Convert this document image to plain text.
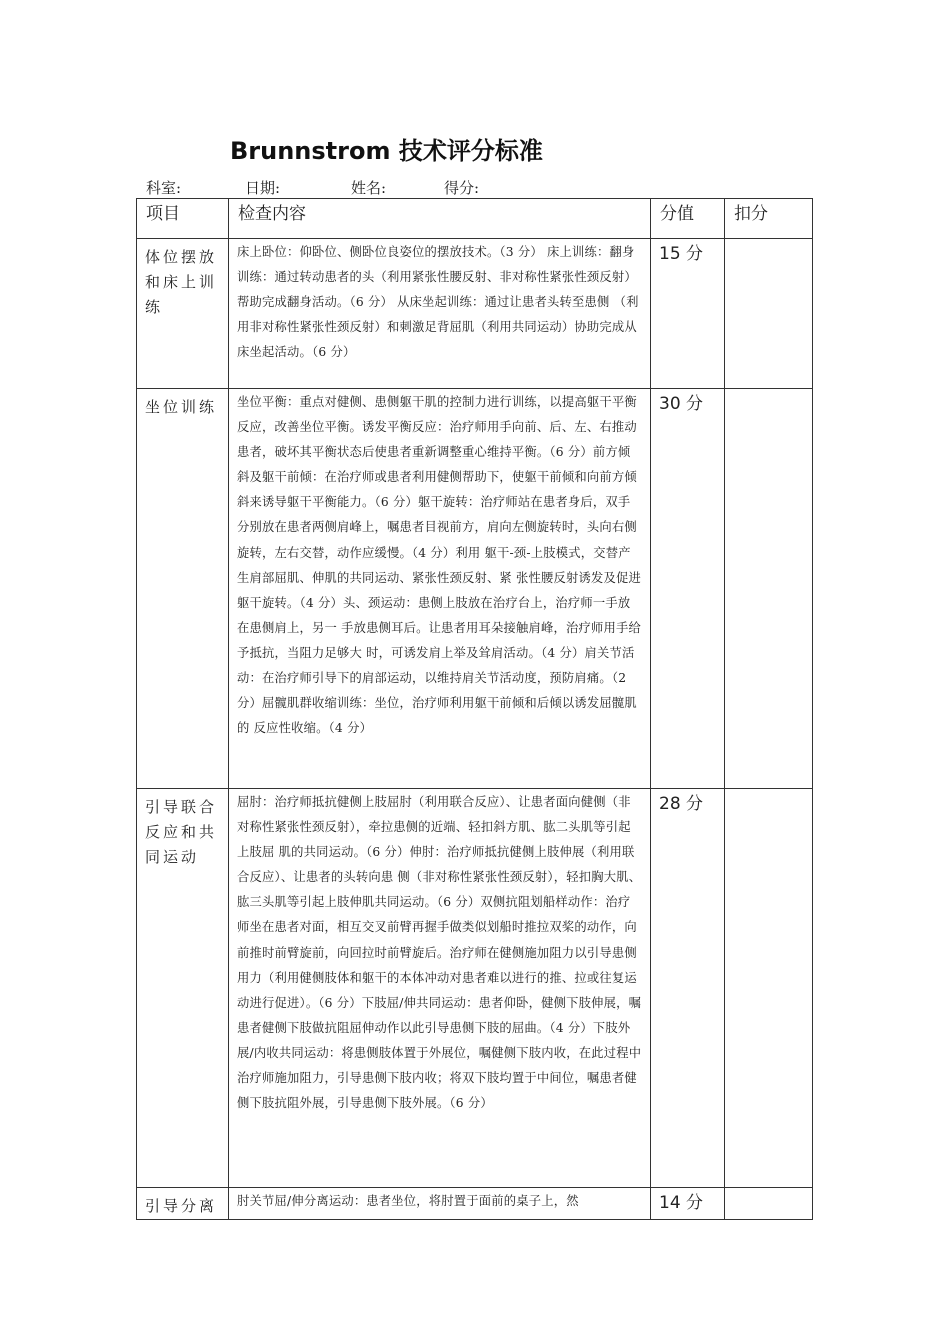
Brunnstrom 技术评分标准
科室:	日期:	姓名:	得分:
项目	检查内容	分值	扣分
体位摆放和床上训练	床上卧位：仰卧位、侧卧位良姿位的摆放技术。（3 分） 床上训练：翻身训练：通过转动患者的头（利用紧张性腰反射、非对称性紧张性颈反射）帮助完成翻身活动。（6 分） 从床坐起训练：通过让患者头转至患侧 （利用非对称性紧张性颈反射）和刺激足背屈肌（利用共同运动）协助完成从 床坐起活动。（6 分）	15 分	
坐位训练	坐位平衡：重点对健侧、患侧躯干肌的控制力进行训练，以提高躯干平衡反应，改善坐位平衡。诱发平衡反应：治疗师用手向前、后、左、右推动患者，破坏其平衡状态后使患者重新调整重心维持平衡。（6 分）前方倾斜及躯干前倾：在治疗师或患者利用健侧帮助下，使躯干前倾和向前方倾斜来诱导躯干平衡能力。（6 分）躯干旋转：治疗师站在患者身后，双手分别放在患者两侧肩峰上，嘱患者目视前方，肩向左侧旋转时，头向右侧旋转，左右交替，动作应缓慢。（4 分）利用 躯干-颈-上肢模式，交替产生肩部屈肌、伸肌的共同运动、紧张性颈反射、紧 张性腰反射诱发及促进躯干旋转。（4 分）头、颈运动：患侧上肢放在治疗台上，治疗师一手放在患侧肩上，另一 手放患侧耳后。让患者用耳朵接触肩峰，治疗师用手给予抵抗，当阻力足够大 时，可诱发肩上举及耸肩活动。（4 分）肩关节活动：在治疗师引导下的肩部运动，以维持肩关节活动度，预防肩痛。（2 分）屈髋肌群收缩训练：坐位，治疗师利用躯干前倾和后倾以诱发屈髋肌的 反应性收缩。（4 分）	30 分	
引导联合反应和共同运动	屈肘：治疗师抵抗健侧上肢屈肘（利用联合反应）、让患者面向健侧（非对称性紧张性颈反射），牵拉患侧的近端、轻扣斜方肌、肱二头肌等引起上肢屈 肌的共同运动。（6 分）伸肘：治疗师抵抗健侧上肢伸展（利用联合反应）、让患者的头转向患 侧（非对称性紧张性颈反射），轻扣胸大肌、肱三头肌等引起上肢伸肌共同运动。（6 分）双侧抗阻划船样动作：治疗师坐在患者对面，相互交叉前臂再握手做类似划船时推拉双桨的动作，向前推时前臂旋前，向回拉时前臂旋后。治疗师在健侧施加阻力以引导患侧用力（利用健侧肢体和躯干的本体冲动对患者难以进行的推、拉或往复运动进行促进）。（6 分）下肢屈/伸共同运动：患者仰卧，健侧下肢伸展，嘱患者健侧下肢做抗阻屈伸动作以此引导患侧下肢的屈曲。（4 分）下肢外展/内收共同运动：将患侧肢体置于外展位，嘱健侧下肢内收，在此过程中治疗师施加阻力，引导患侧下肢内收；将双下肢均置于中间位，嘱患者健侧下肢抗阻外展，引导患侧下肢外展。（6 分）	28 分	
引导分离	肘关节屈/伸分离运动：患者坐位，将肘置于面前的桌子上，然	14 分	
